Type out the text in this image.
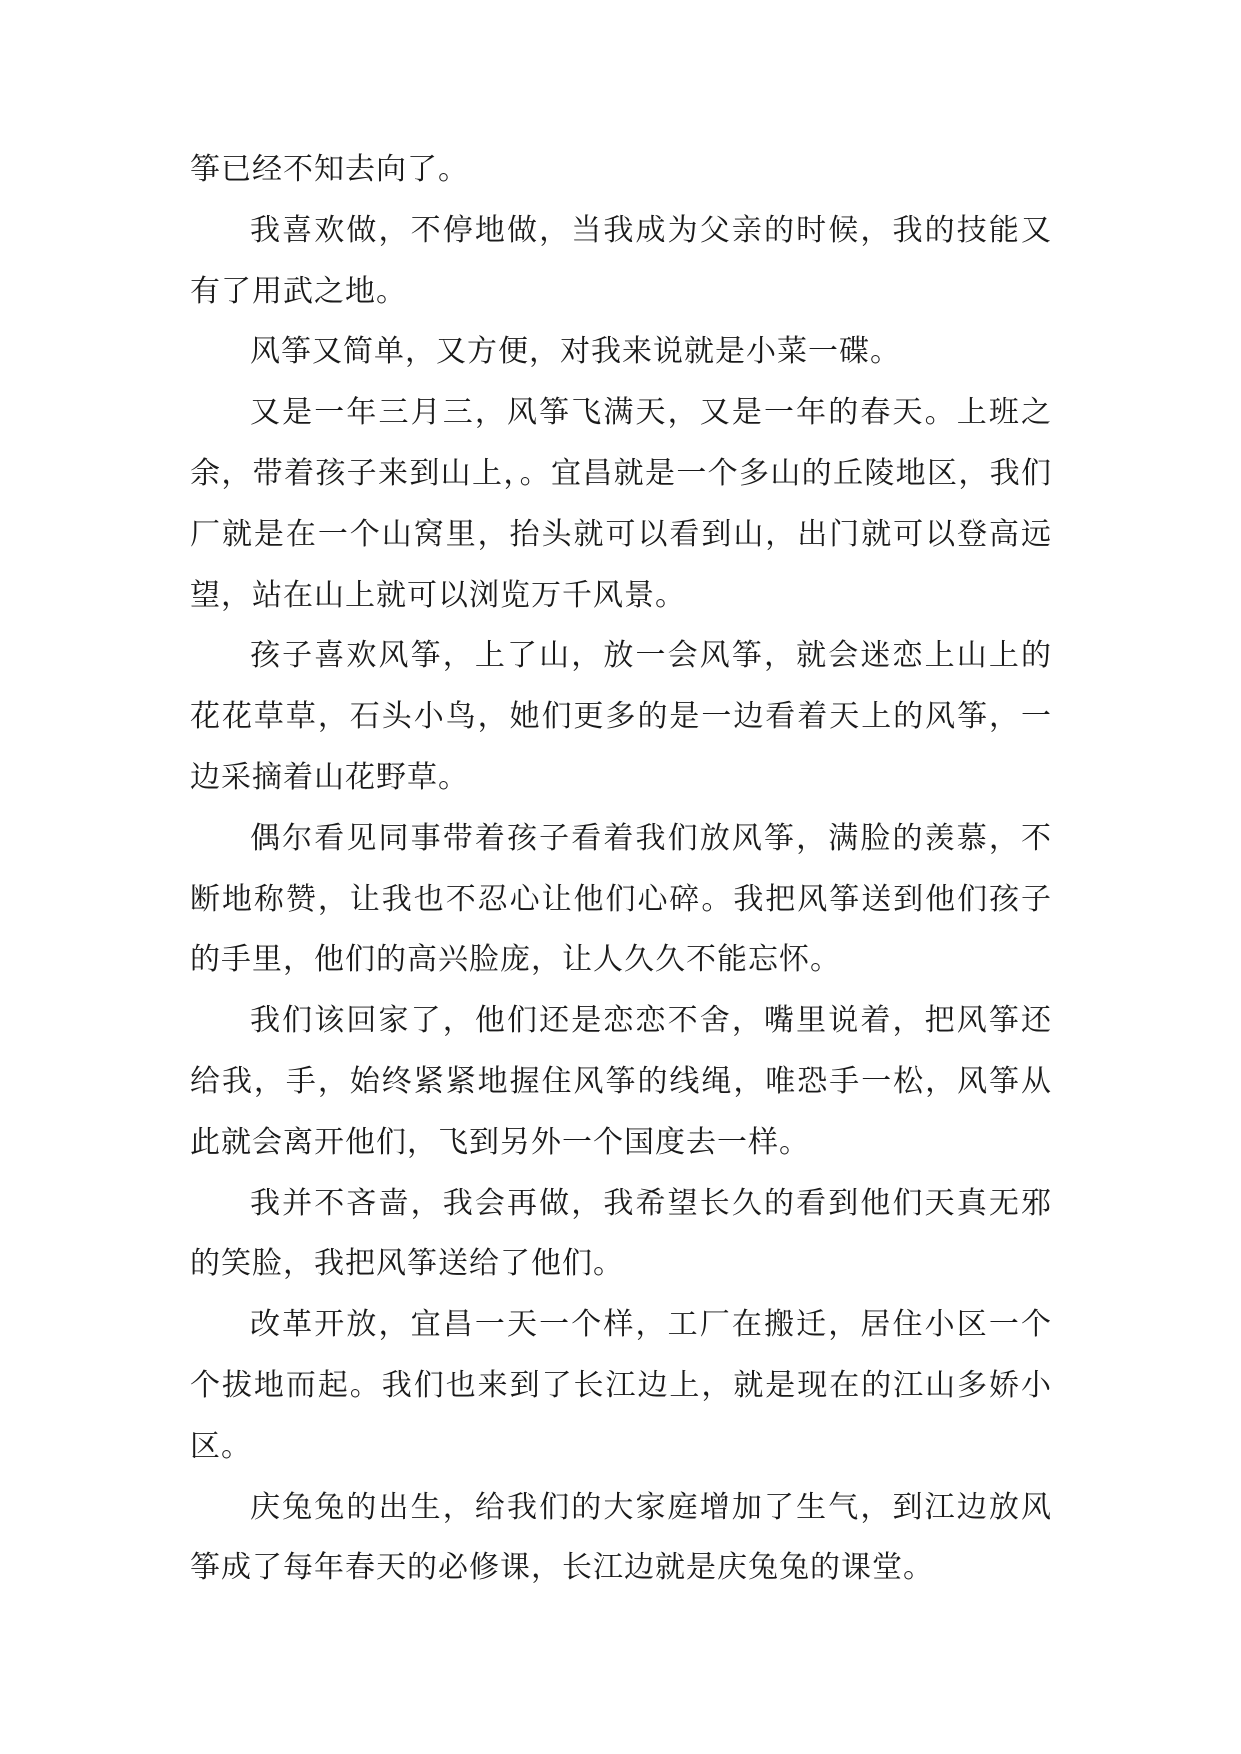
筝已经不知去向了。

我喜欢做，不停地做，当我成为父亲的时候，我的技能又有了用武之地。

风筝又简单，又方便，对我来说就是小菜一碟。

又是一年三月三，风筝飞满天，又是一年的春天。上班之余，带着孩子来到山上，。宜昌就是一个多山的丘陵地区，我们厂就是在一个山窝里，抬头就可以看到山，出门就可以登高远望，站在山上就可以浏览万千风景。

孩子喜欢风筝，上了山，放一会风筝，就会迷恋上山上的花花草草，石头小鸟，她们更多的是一边看着天上的风筝，一边采摘着山花野草。

偶尔看见同事带着孩子看着我们放风筝，满脸的羡慕，不断地称赞，让我也不忍心让他们心碎。我把风筝送到他们孩子的手里，他们的高兴脸庞，让人久久不能忘怀。

我们该回家了，他们还是恋恋不舍，嘴里说着，把风筝还给我，手，始终紧紧地握住风筝的线绳，唯恐手一松，风筝从此就会离开他们，飞到另外一个国度去一样。

我并不吝啬，我会再做，我希望长久的看到他们天真无邪的笑脸，我把风筝送给了他们。

改革开放，宜昌一天一个样，工厂在搬迁，居住小区一个个拔地而起。我们也来到了长江边上，就是现在的江山多娇小区。

庆兔兔的出生，给我们的大家庭增加了生气，到江边放风筝成了每年春天的必修课，长江边就是庆兔兔的课堂。
